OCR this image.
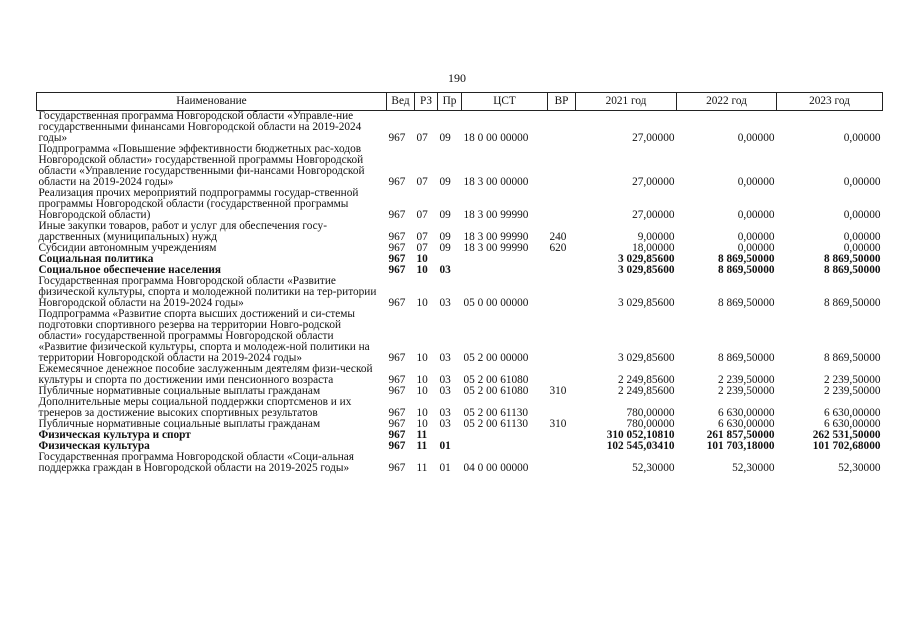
190
Наименование	Вед	РЗ	Пр	ЦСТ	ВР	2021 год	2022 год	2023 год
Государственная программа Новгородской области «Управле-ние государственными финансами Новгородской области на 2019-2024 годы»	967	07	09	18 0 00 00000		27,00000	0,00000	0,00000
Подпрограмма «Повышение эффективности бюджетных рас-ходов Новгородской области» государственной программы Новгородской области «Управление государственными фи-нансами Новгородской области на 2019-2024 годы»	967	07	09	18 3 00 00000		27,00000	0,00000	0,00000
Реализация прочих мероприятий подпрограммы государ-ственной программы Новгородской области (государственной программы Новгородской области)	967	07	09	18 3 00 99990		27,00000	0,00000	0,00000
Иные закупки товаров, работ и услуг для обеспечения госу-дарственных (муниципальных) нужд	967	07	09	18 3 00 99990	240	9,00000	0,00000	0,00000
Субсидии автономным учреждениям	967	07	09	18 3 00 99990	620	18,00000	0,00000	0,00000
Социальная политика	967	10				3 029,85600	8 869,50000	8 869,50000
Социальное обеспечение населения	967	10	03			3 029,85600	8 869,50000	8 869,50000
Государственная программа Новгородской области «Развитие физической культуры, спорта и молодежной политики на тер-ритории Новгородской области на 2019-2024 годы»	967	10	03	05 0 00 00000		3 029,85600	8 869,50000	8 869,50000
Подпрограмма «Развитие спорта высших достижений и си-стемы подготовки спортивного резерва на территории Новго-родской области» государственной программы Новгородской области «Развитие физической культуры, спорта и молодеж-ной политики на территории Новгородской области на 2019-2024 годы»	967	10	03	05 2 00 00000		3 029,85600	8 869,50000	8 869,50000
Ежемесячное денежное пособие заслуженным деятелям физи-ческой культуры и спорта по достижении ими пенсионного возраста	967	10	03	05 2 00 61080		2 249,85600	2 239,50000	2 239,50000
Публичные нормативные социальные выплаты гражданам	967	10	03	05 2 00 61080	310	2 249,85600	2 239,50000	2 239,50000
Дополнительные меры социальной поддержки спортсменов и их тренеров за достижение высоких спортивных результатов	967	10	03	05 2 00 61130		780,00000	6 630,00000	6 630,00000
Публичные нормативные социальные выплаты гражданам	967	10	03	05 2 00 61130	310	780,00000	6 630,00000	6 630,00000
Физическая культура и спорт	967	11				310 052,10810	261 857,50000	262 531,50000
Физическая культура	967	11	01			102 545,03410	101 703,18000	101 702,68000
Государственная программа Новгородской области «Соци-альная поддержка граждан в Новгородской области на 2019-2025 годы»	967	11	01	04 0 00 00000		52,30000	52,30000	52,30000
